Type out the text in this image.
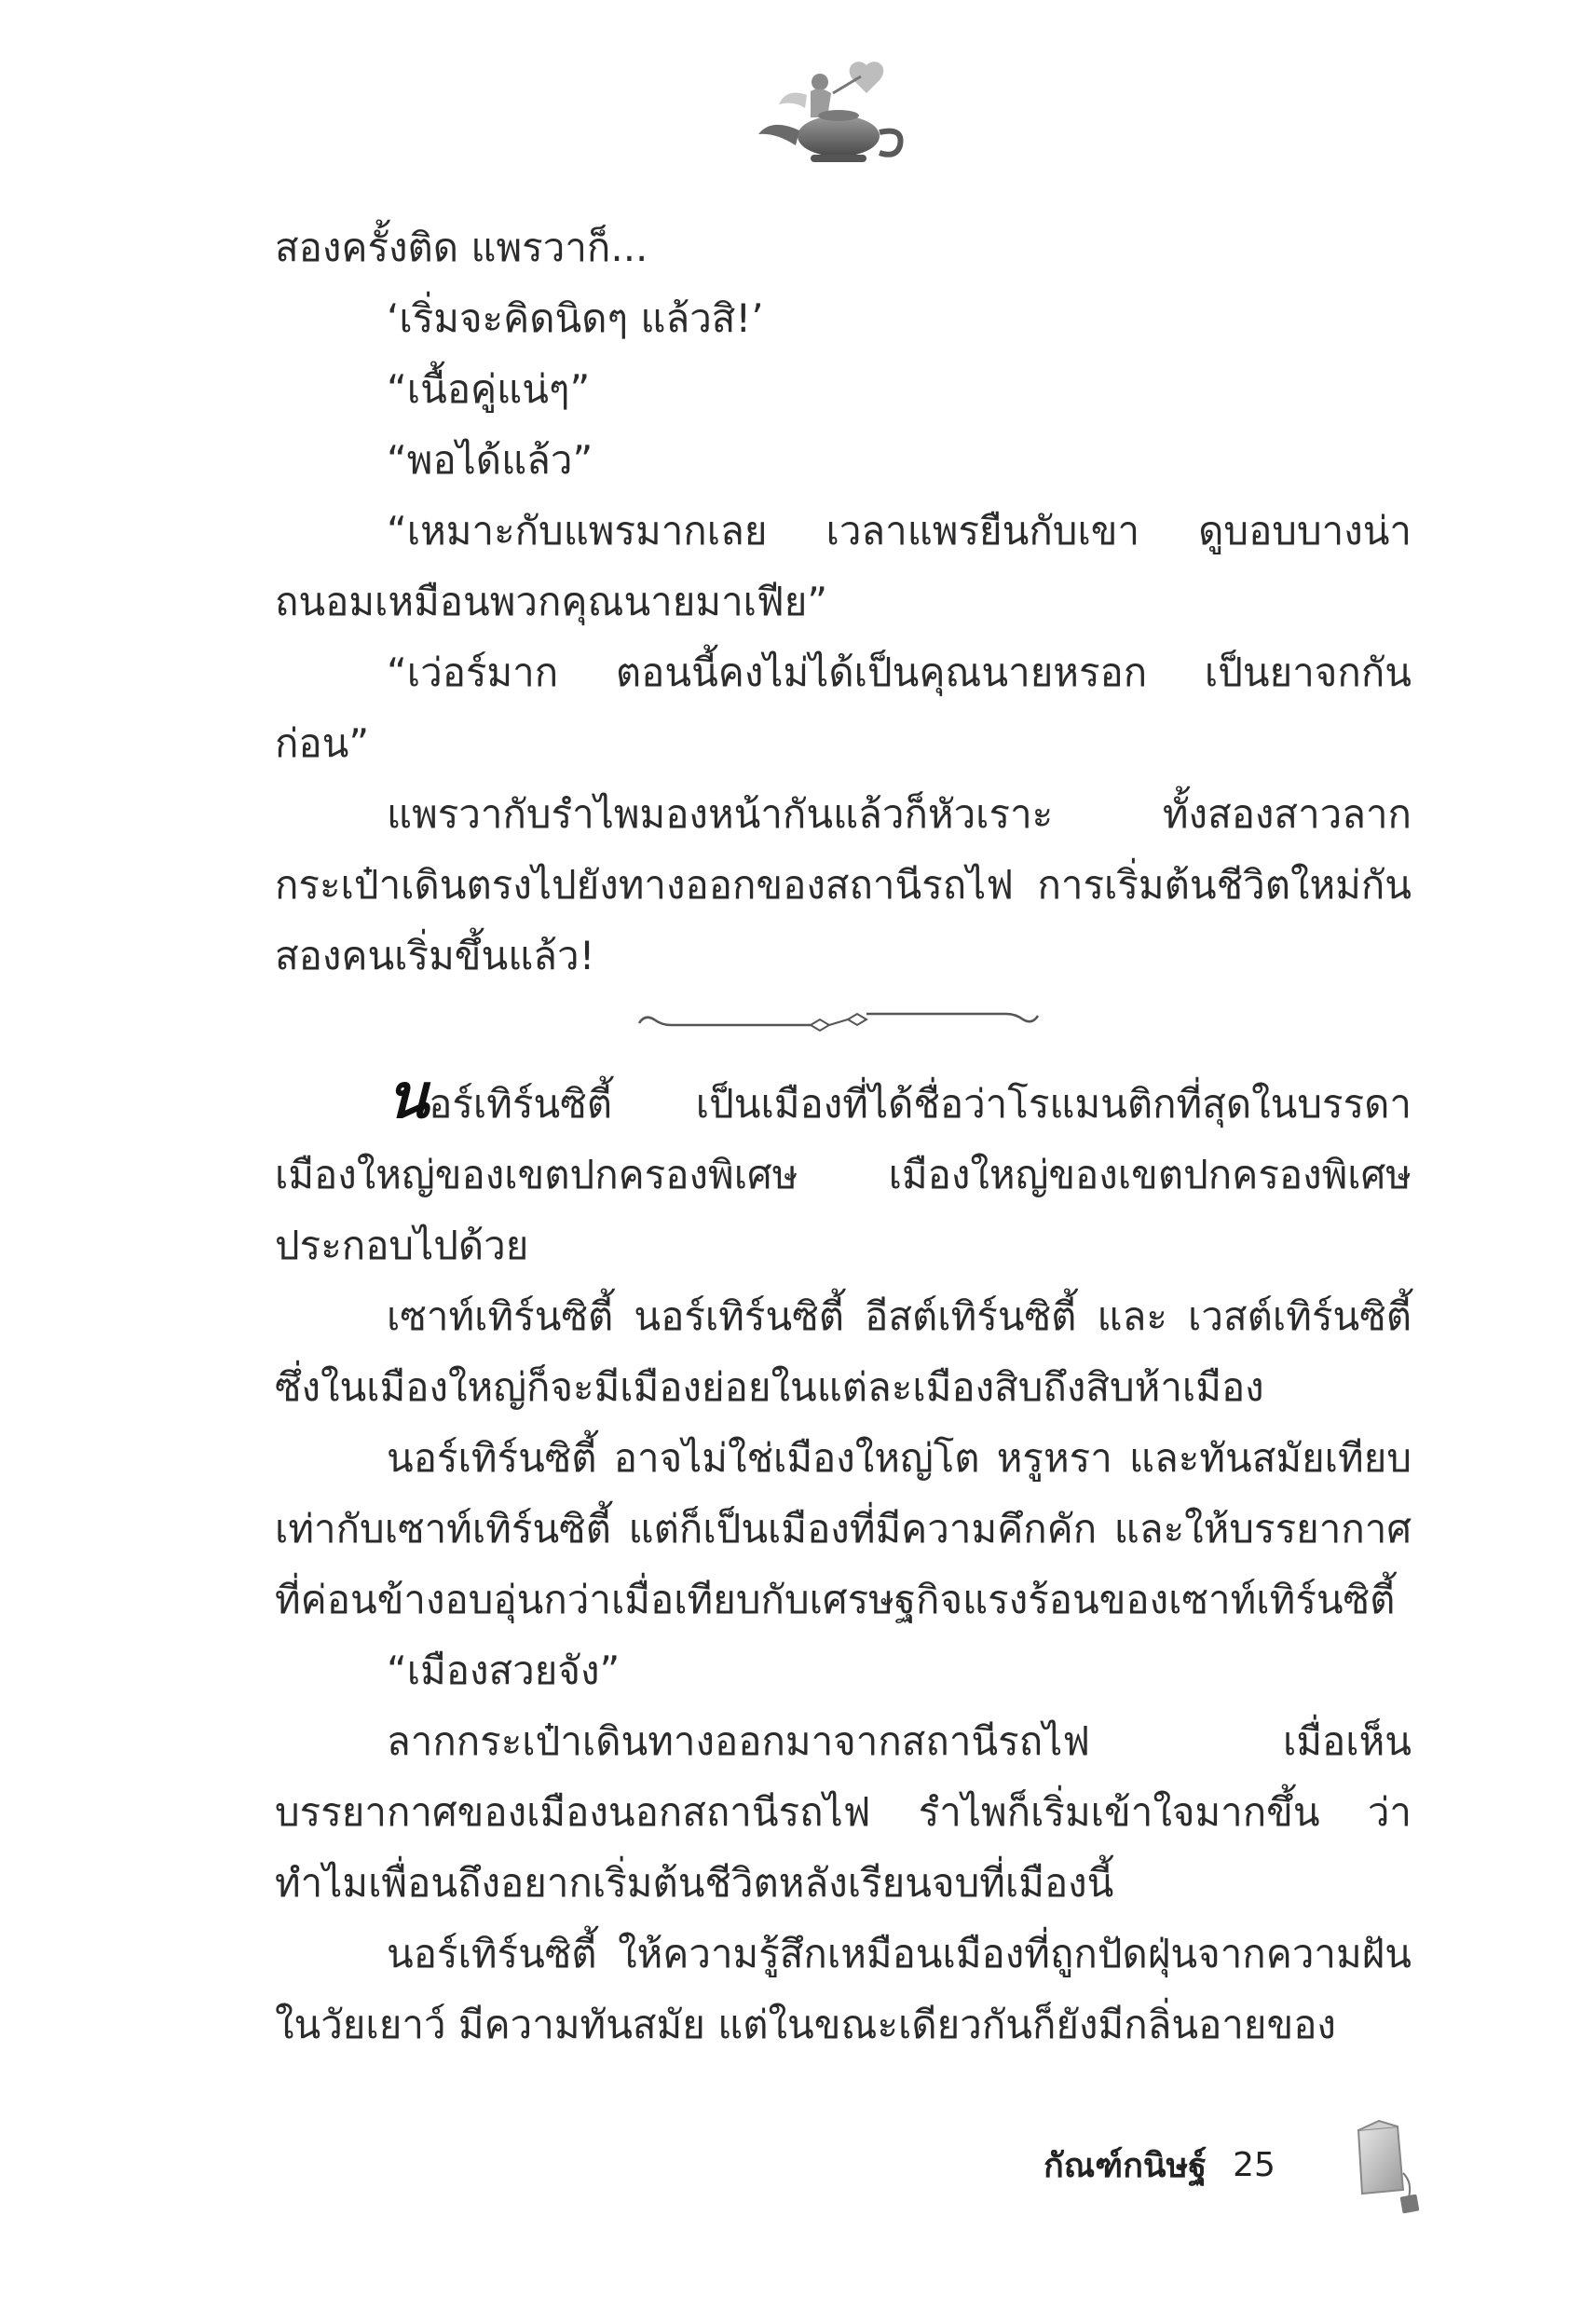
สองครั้งติด แพรวาก็...

‘เริ่มจะคิดนิดๆ แล้วสิ!’

“เนื้อคู่แน่ๆ”

“พอได้แล้ว”

“เหมาะกับแพรมากเลย เวลาแพรยืนกับเขา ดูบอบบางน่าถนอมเหมือนพวกคุณนายมาเฟีย”

“เว่อร์มาก ตอนนี้คงไม่ได้เป็นคุณนายหรอก เป็นยาจกกันก่อน”

แพรวากับรำไพมองหน้ากันแล้วก็หัวเราะ ทั้งสองสาวลากกระเป๋าเดินตรงไปยังทางออกของสถานีรถไฟ การเริ่มต้นชีวิตใหม่กันสองคนเริ่มขึ้นแล้ว!

นอร์เทิร์นซิตี้ เป็นเมืองที่ได้ชื่อว่าโรแมนติกที่สุดในบรรดาเมืองใหญ่ของเขตปกครองพิเศษ เมืองใหญ่ของเขตปกครองพิเศษประกอบไปด้วย

เซาท์เทิร์นซิตี้ นอร์เทิร์นซิตี้ อีสต์เทิร์นซิตี้ และ เวสต์เทิร์นซิตี้ ซึ่งในเมืองใหญ่ก็จะมีเมืองย่อยในแต่ละเมืองสิบถึงสิบห้าเมือง

นอร์เทิร์นซิตี้ อาจไม่ใช่เมืองใหญ่โต หรูหรา และทันสมัยเทียบเท่ากับเซาท์เทิร์นซิตี้ แต่ก็เป็นเมืองที่มีความคึกคัก และให้บรรยากาศที่ค่อนข้างอบอุ่นกว่าเมื่อเทียบกับเศรษฐกิจแรงร้อนของเซาท์เทิร์นซิตี้

“เมืองสวยจัง”

ลากกระเป๋าเดินทางออกมาจากสถานีรถไฟ เมื่อเห็นบรรยากาศของเมืองนอกสถานีรถไฟ รำไพก็เริ่มเข้าใจมากขึ้น ว่าทำไมเพื่อนถึงอยากเริ่มต้นชีวิตหลังเรียนจบที่เมืองนี้

นอร์เทิร์นซิตี้ ให้ความรู้สึกเหมือนเมืองที่ถูกปัดฝุ่นจากความฝันในวัยเยาว์ มีความทันสมัย แต่ในขณะเดียวกันก็ยังมีกลิ่นอายของ

กัณฑ์กนิษฐ์ 25
